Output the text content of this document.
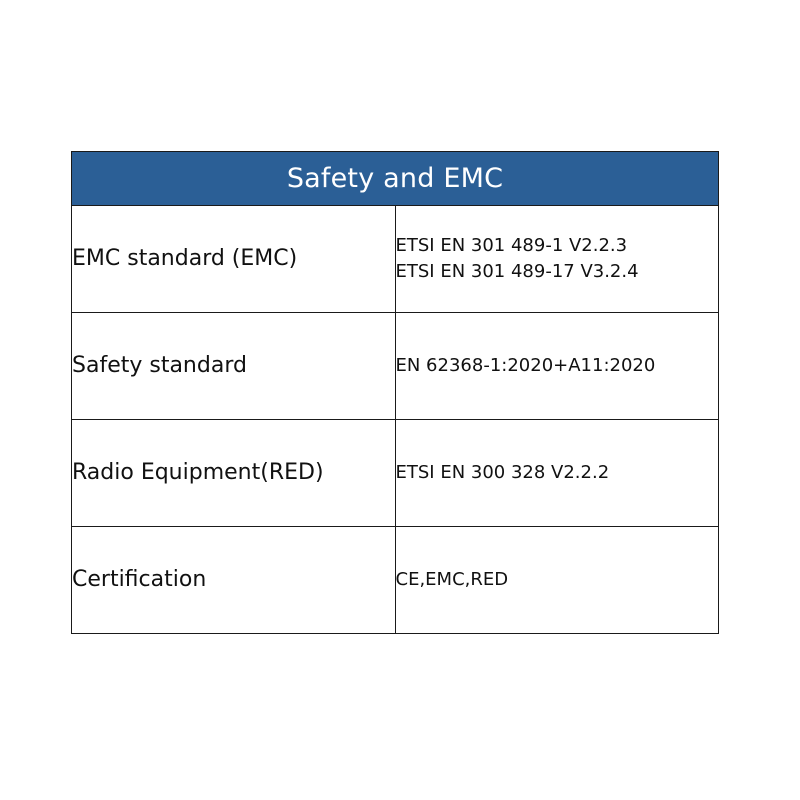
Safety and EMC	
EMC standard (EMC)	ETSI EN 301 489-1 V2.2.3
ETSI EN 301 489-17 V3.2.4

Safety standard	EN 62368-1:2020+A11:2020

Radio Equipment(RED)	ETSI EN 300 328 V2.2.2

Certification	CE,EMC,RED
